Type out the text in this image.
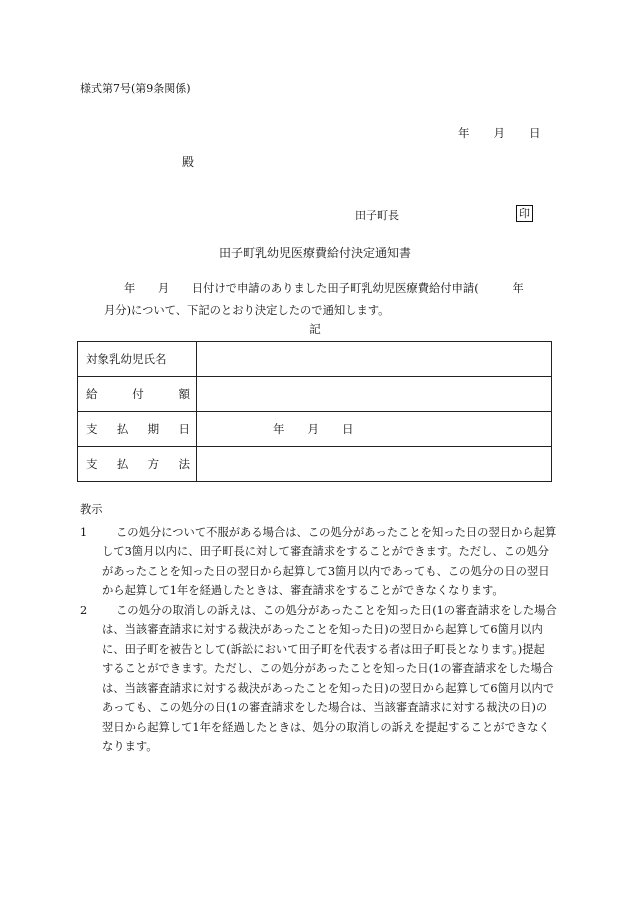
様式第7号(第9条関係)
年 月 日
殿
田子町長	印
田子町乳幼児医療費給付決定通知書
年　　月　　日付けで申請のありました田子町乳幼児医療費給付申請(　　　年
月分)について、下記のとおり決定したので通知します。
記
対象乳幼児氏名	

給 付 額	

支 払 期 日	年　　月　　日

支 払 方 法	

教示
1	この処分について不服がある場合は、この処分があったことを知った日の翌日から起算
して3箇月以内に、田子町長に対して審査請求をすることができます。ただし、この処分
があったことを知った日の翌日から起算して3箇月以内であっても、この処分の日の翌日
から起算して1年を経過したときは、審査請求をすることができなくなります。
2	この処分の取消しの訴えは、この処分があったことを知った日(1の審査請求をした場合
は、当該審査請求に対する裁決があったことを知った日)の翌日から起算して6箇月以内
に、田子町を被告として(訴訟において田子町を代表する者は田子町長となります。)提起
することができます。ただし、この処分があったことを知った日(1の審査請求をした場合
は、当該審査請求に対する裁決があったことを知った日)の翌日から起算して6箇月以内で
あっても、この処分の日(1の審査請求をした場合は、当該審査請求に対する裁決の日)の
翌日から起算して1年を経過したときは、処分の取消しの訴えを提起することができなく
なります。
